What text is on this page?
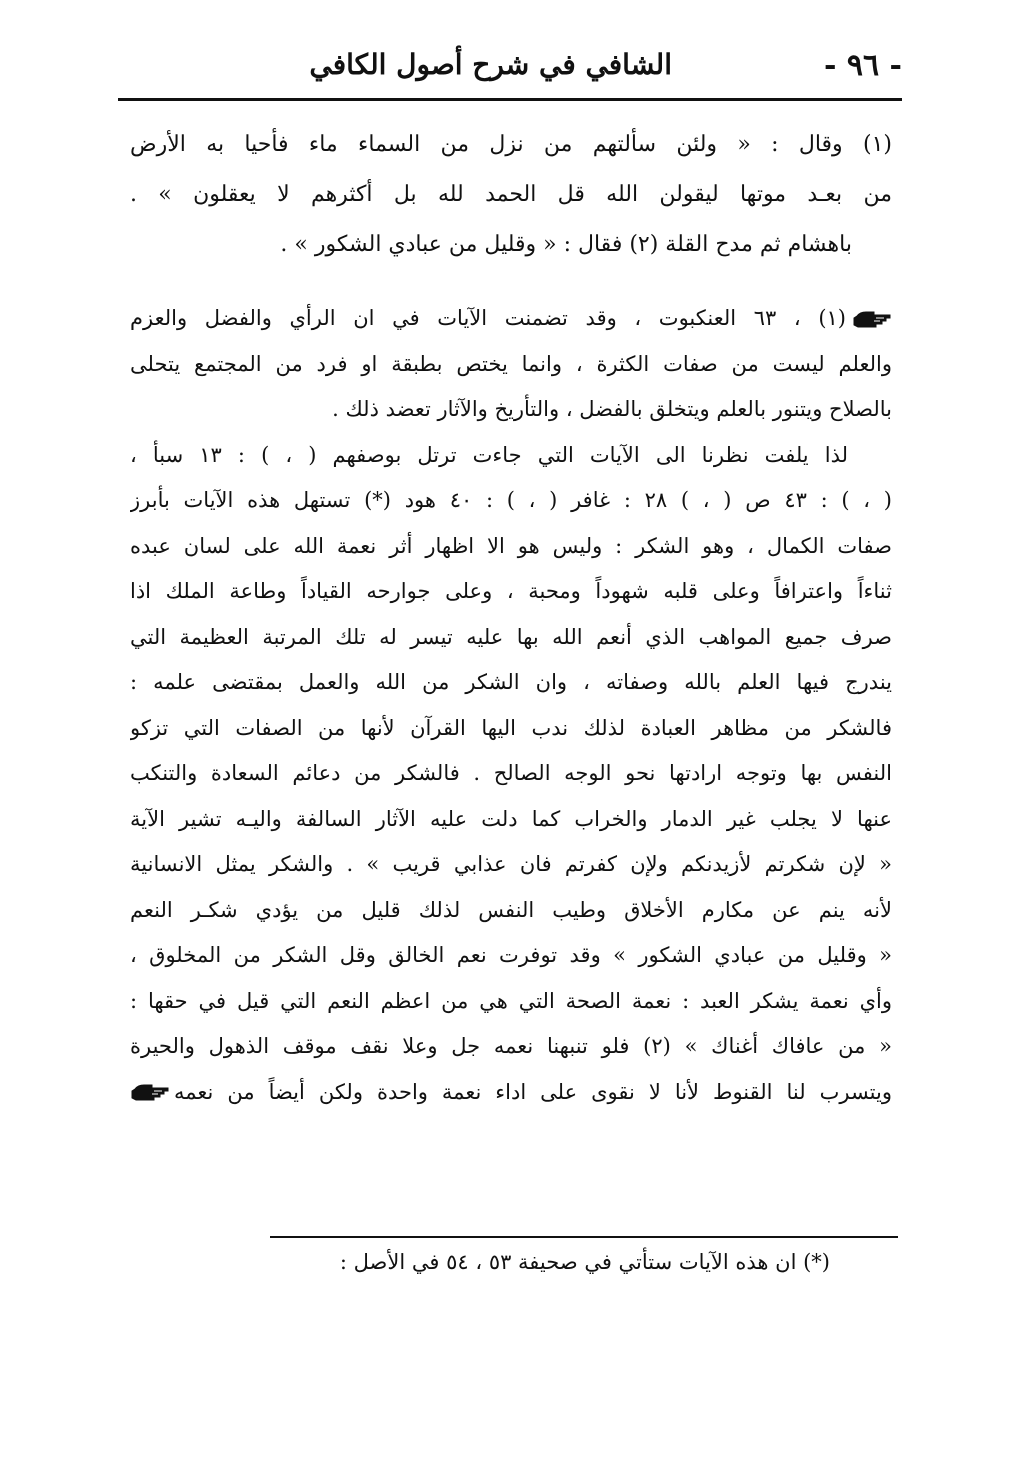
- ٩٦ -
الشافي في شرح أصول الكافي
(١) وقال : « ولئن سألتهم من نزل من السماء ماء فأحيا به الأرض
من بعـد موتها ليقولن الله قل الحمد لله بل أكثرهم لا يعقلون » .
باهشام ثم مدح القلة (٢) فقال : « وقليل من عبادي الشكور » .
(١) ، ٦٣ العنكبوت ، وقد تضمنت الآيات في ان الرأي والفضل والعزم
والعلم ليست من صفات الكثرة ، وانما يختص بطبقة او فرد من المجتمع يتحلى
بالصلاح ويتنور بالعلم ويتخلق بالفضل ، والتأريخ والآثار تعضد ذلك .
لذا يلفت نظرنا الى الآيات التي جاءت ترتل بوصفهم ( ، ) : ١٣ سبأ ،
( ، ) : ٤٣ ص ( ، ) ٢٨ : غافر ( ، ) : ٤٠ هود (*) تستهل هذه الآيات بأبرز
صفات الكمال ، وهو الشكر : وليس هو الا اظهار أثر نعمة الله على لسان عبده
ثناءاً واعترافاً وعلى قلبه شهوداً ومحبة ، وعلى جوارحه القياداً وطاعة الملك اذا
صرف جميع المواهب الذي أنعم الله بها عليه تيسر له تلك المرتبة العظيمة التي
يندرج فيها العلم بالله وصفاته ، وان الشكر من الله والعمل بمقتضى علمه :
فالشكر من مظاهر العبادة لذلك ندب اليها القرآن لأنها من الصفات التي تزكو
النفس بها وتوجه ارادتها نحو الوجه الصالح . فالشكر من دعائم السعادة والتنكب
عنها لا يجلب غير الدمار والخراب كما دلت عليه الآثار السالفة واليـه تشير الآية
« لإن شكرتم لأزيدنكم ولإن كفرتم فان عذابي قريب » . والشكر يمثل الانسانية
لأنه ينم عن مكارم الأخلاق وطيب النفس لذلك قليل من يؤدي شكـر النعم
« وقليل من عبادي الشكور » وقد توفرت نعم الخالق وقل الشكر من المخلوق ،
وأي نعمة يشكر العبد : نعمة الصحة التي هي من اعظم النعم التي قيل في حقها :
« من عافاك أغناك » (٢) فلو تنبهنا نعمه جل وعلا نقف موقف الذهول والحيرة
ويتسرب لنا القنوط لأنا لا نقوى على اداء نعمة واحدة ولكن أيضاً من نعمه
(*) ان هذه الآيات ستأتي في صحيفة ٥٣ ، ٥٤ في الأصل :
